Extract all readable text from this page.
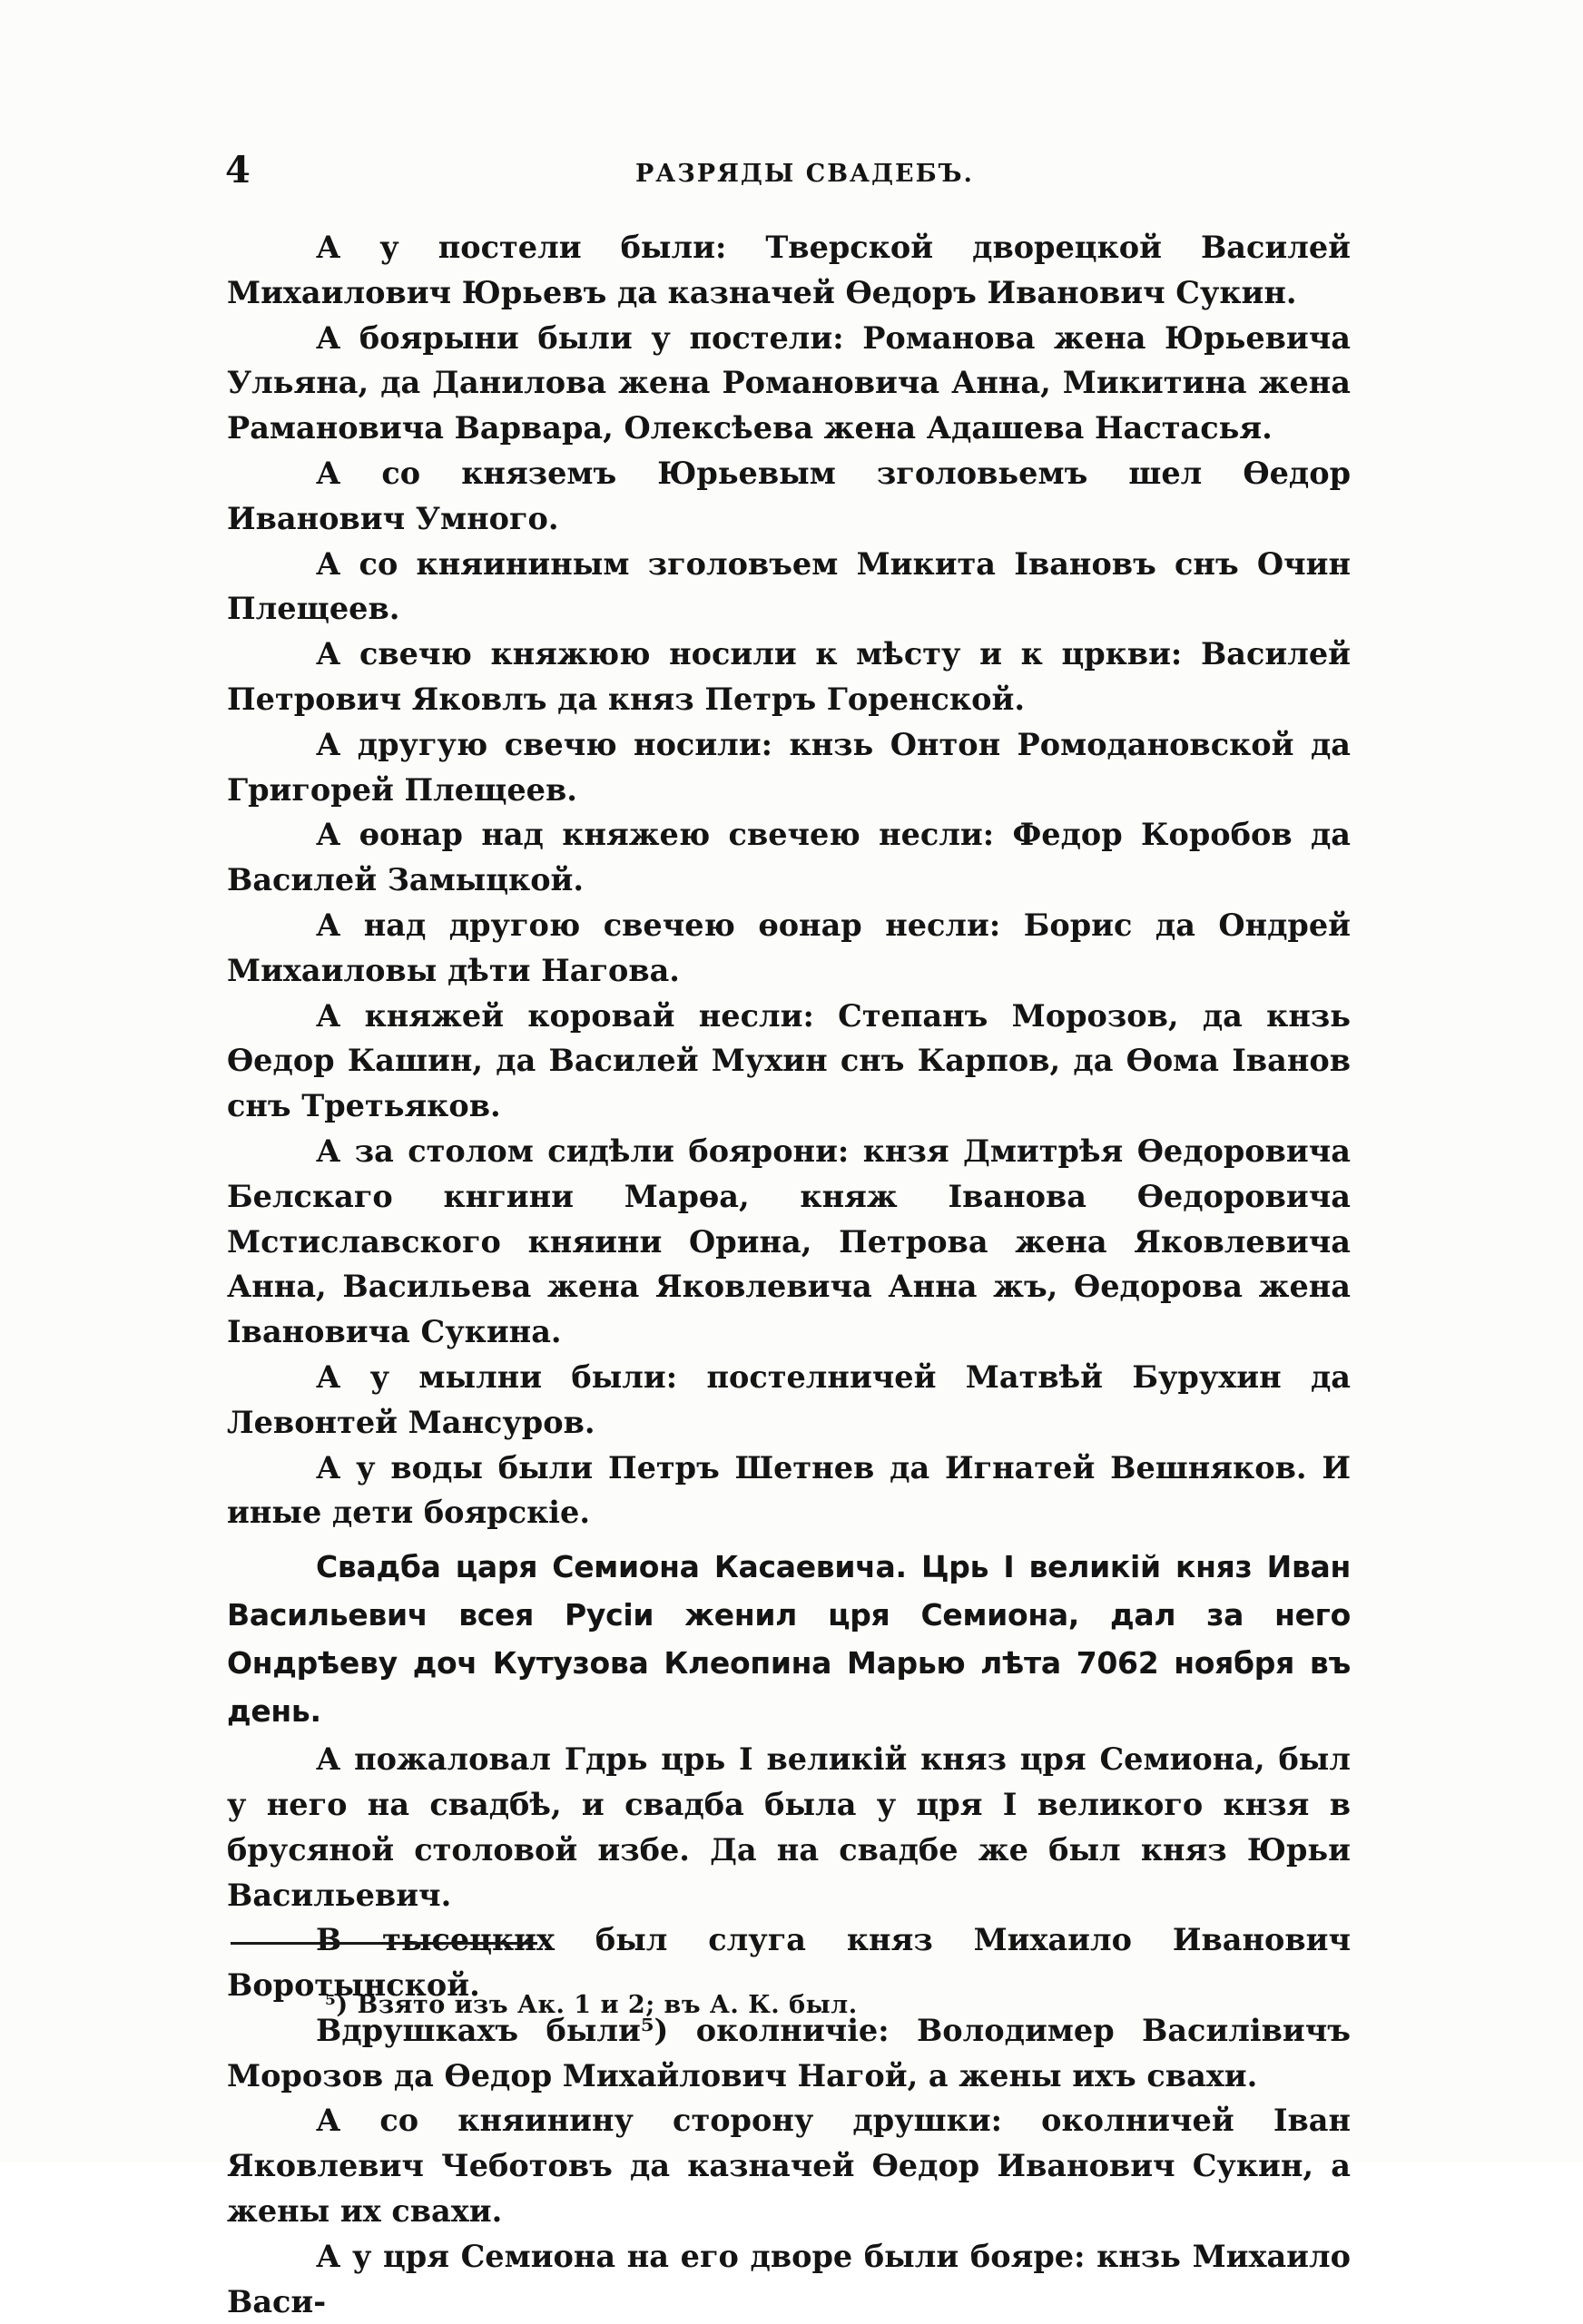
4	РАЗРЯДЫ СВАДЕБЪ.

А у постели были: Тверской дворецкой Василей Михаилович Юрьевъ да казначей Өедоръ Иванович Сукин.

А боярыни были у постели: Романова жена Юрьевича Ульяна, да Данилова жена Романовича Анна, Микитина жена Рамановича Варвара, Олексѣева жена Адашева Настасья.

А со княземъ Юрьевым зголовьемъ шел Өедор Иванович Умного.

А со княининым зголовъем Микита Iвановъ снъ Очин Плещеев.

А свечю княжюю носили к мѣсту и к цркви: Василей Петрович Яковлъ да княз Петръ Горенской.

А другую свечю носили: кнзь Онтон Ромодановской да Григорей Плещеев.

А өонар над княжею свечею несли: Федор Коробов да Василей Замыцкой.

А над другою свечею өонар несли: Борис да Ондрей Михаиловы дѣти Нагова.

А княжей коровай несли: Степанъ Морозов, да кнзь Өедор Кашин, да Василей Мухин снъ Карпов, да Өома Iванов снъ Третьяков.

А за столом сидѣли боярони: кнзя Дмитрѣя Өедоровича Белскаго кнгини Марөа, княж Iванова Өедоровича Мстиславского княини Орина, Петрова жена Яковлевича Анна, Васильева жена Яковлевича Анна жъ, Өедорова жена Iвановича Сукина.

А у мылни были: постелничей Матвѣй Бурухин да Левонтей Мансуров.

А у воды были Петръ Шетнев да Игнатей Вешняков. И иные дети боярскiе.

Свадба царя Семиона Касаевича. Црь I великiй княз Иван Васильевич всея Русiи женил цря Семиона, дал за него Ондрѣеву доч Кутузова Клеопина Марью лѣта 7062 ноября въ день.

А пожаловал Гдрь црь I великiй княз цря Семиона, был у него на свадбѣ, и свадба была у цря I великого кнзя в брусяной столовой избе. Да на свадбе же был княз Юрьи Васильевич.

В тысецких был слуга княз Михаило Иванович Воротынской.

Вдрушкахъ были⁵) околничiе: Володимер Василiвичъ Морозов да Өедор Михайлович Нагой, а жены ихъ свахи.

А со княинину сторону друшки: околничей Iван Яковлевич Чеботовъ да казначей Өедор Иванович Сукин, а жены их свахи.

А у цря Семиона на его дворе были бояре: кнзь Михаило Васи-

⁵) Взято изъ Ак. 1 и 2; въ А. К. был.
